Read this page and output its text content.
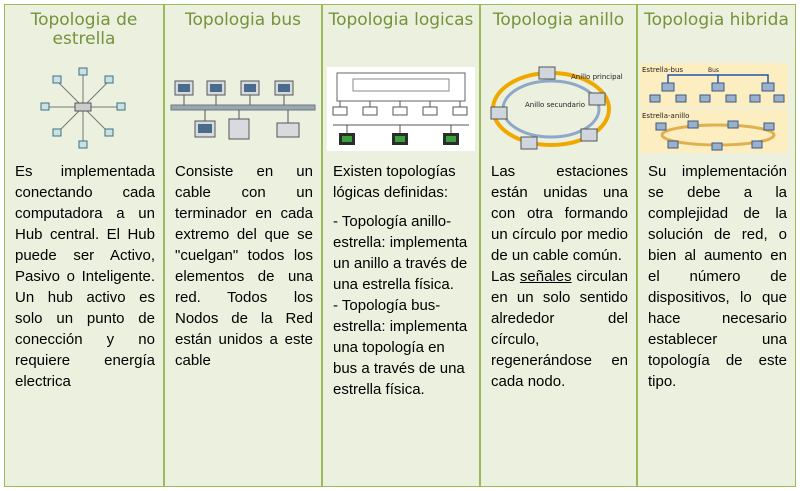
Topologia de estrella

Es implementada conectando cada computadora a un Hub central. El Hub puede ser Activo, Pasivo o Inteligente. Un hub activo es solo un punto de conección y no requiere energía electrica

Topologia bus

Consiste en un cable con un terminador en cada extremo del que se "cuelgan" todos los elementos de una red. Todos los Nodos de la Red están unidos a este cable

Topologia logicas

Existen topologías lógicas definidas:

- Topología anillo-estrella: implementa un anillo a través de una estrella física.

- Topología bus-estrella: implementa una topología en bus a través de una estrella física.

Topologia anillo
Anillo principal
Anillo secundario

Las estaciones están unidas una con otra formando un círculo por medio de un cable común.

Las señales circulan en un solo sentido alrededor del círculo, regenerándose en cada nodo.

Topologia hibrida
Estrella-bus	Bus
Estrella-anillo

Su implementación se debe a la complejidad de la solución de red, o bien al aumento en el número de dispositivos, lo que hace necesario establecer una topología de este tipo.
